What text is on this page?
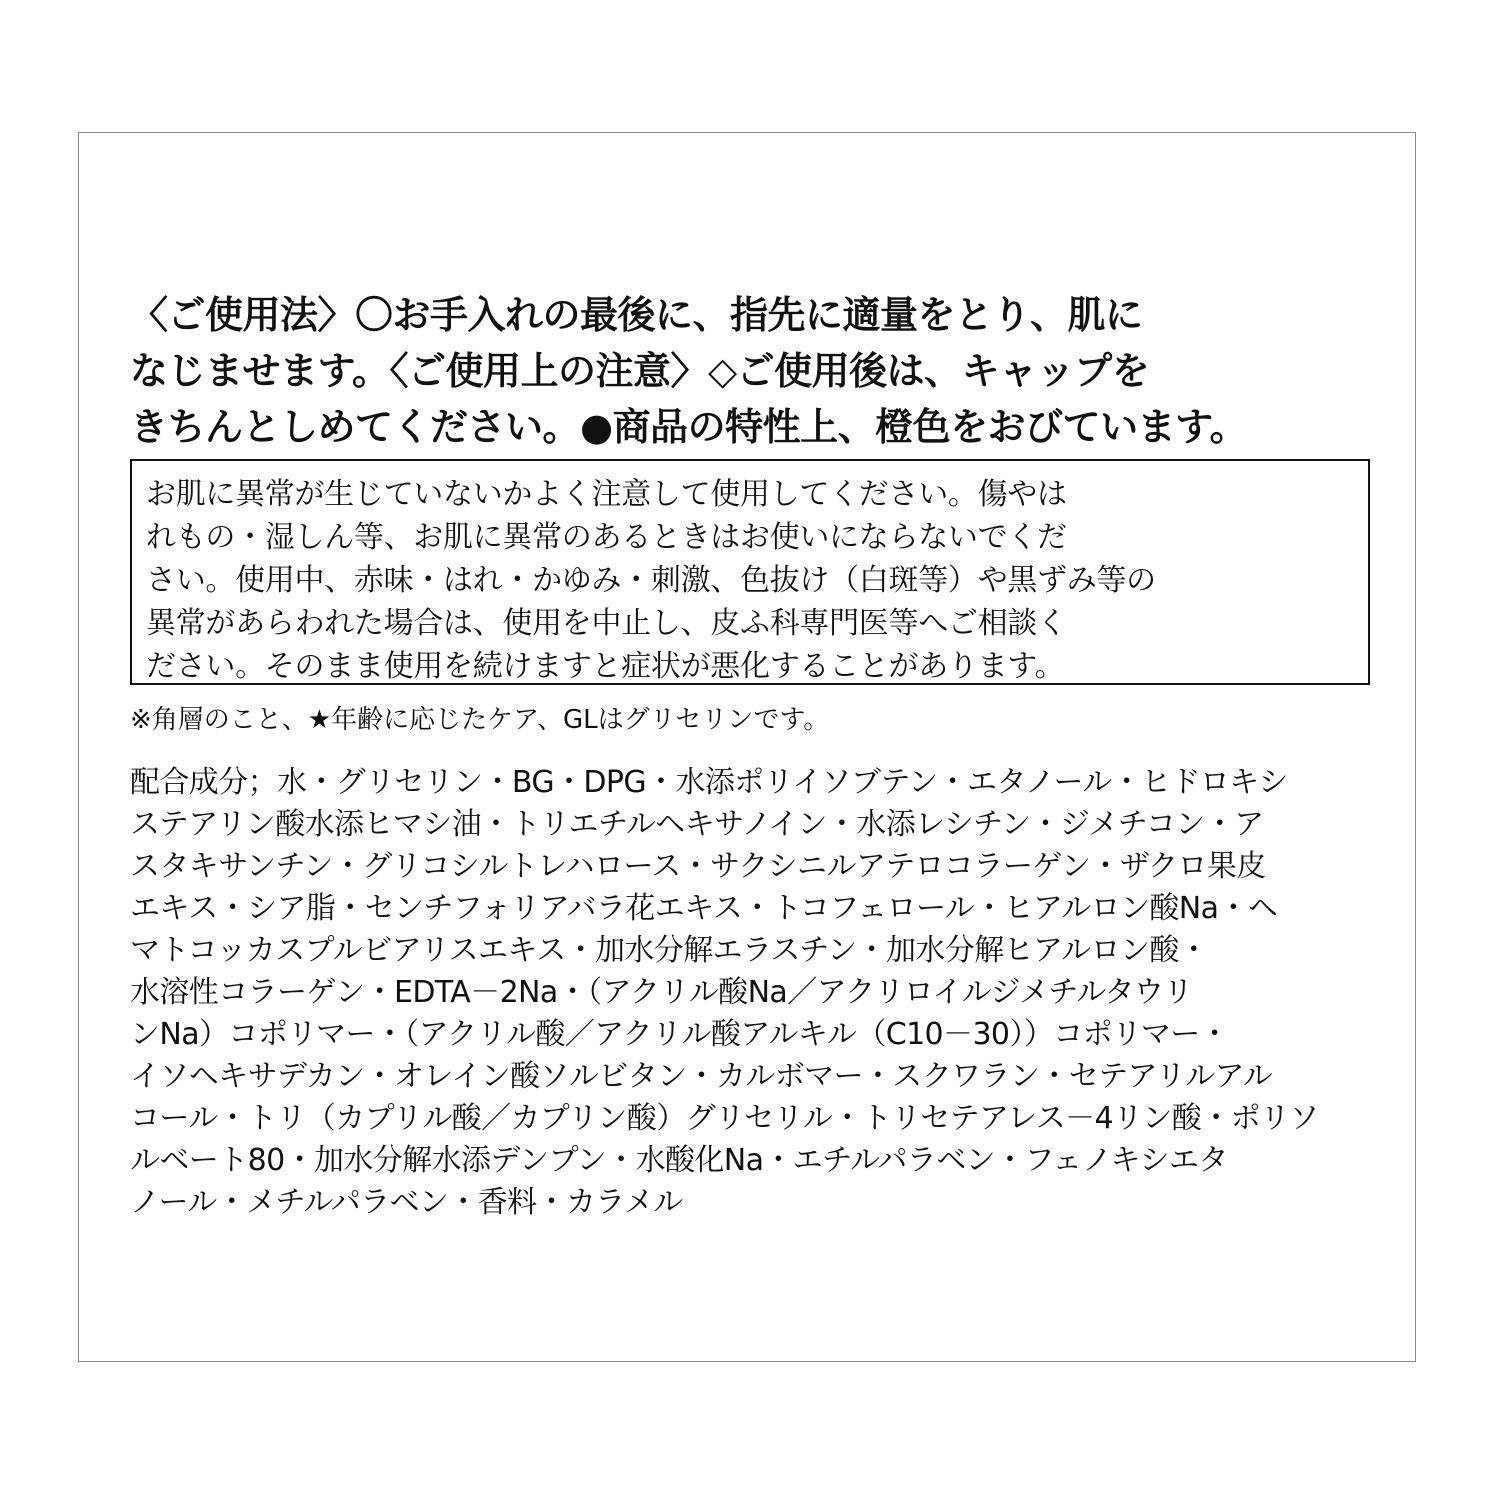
〈ご使用法〉〇お手入れの最後に、指先に適量をとり、肌に
なじませます。〈ご使用上の注意〉◇ご使用後は、キャップを
きちんとしめてください。●商品の特性上、橙色をおびています。
お肌に異常が生じていないかよく注意して使用してください。傷やは
れもの・湿しん等、お肌に異常のあるときはお使いにならないでくだ
さい。使用中、赤味・はれ・かゆみ・刺激、色抜け（白斑等）や黒ずみ等の
異常があらわれた場合は、使用を中止し、皮ふ科専門医等へご相談く
ださい。そのまま使用を続けますと症状が悪化することがあります。
※角層のこと、★年齢に応じたケア、GLはグリセリンです。
配合成分；水・グリセリン・BG・DPG・水添ポリイソブテン・エタノール・ヒドロキシ
ステアリン酸水添ヒマシ油・トリエチルヘキサノイン・水添レシチン・ジメチコン・ア
スタキサンチン・グリコシルトレハロース・サクシニルアテロコラーゲン・ザクロ果皮
エキス・シア脂・センチフォリアバラ花エキス・トコフェロール・ヒアルロン酸Na・ヘ
マトコッカスプルビアリスエキス・加水分解エラスチン・加水分解ヒアルロン酸・
水溶性コラーゲン・EDTA－2Na・（アクリル酸Na／アクリロイルジメチルタウリ
ンNa）コポリマー・（アクリル酸／アクリル酸アルキル（C10－30））コポリマー・
イソヘキサデカン・オレイン酸ソルビタン・カルボマー・スクワラン・セテアリルアル
コール・トリ（カプリル酸／カプリン酸）グリセリル・トリセテアレス－4リン酸・ポリソ
ルベート80・加水分解水添デンプン・水酸化Na・エチルパラベン・フェノキシエタ
ノール・メチルパラベン・香料・カラメル
